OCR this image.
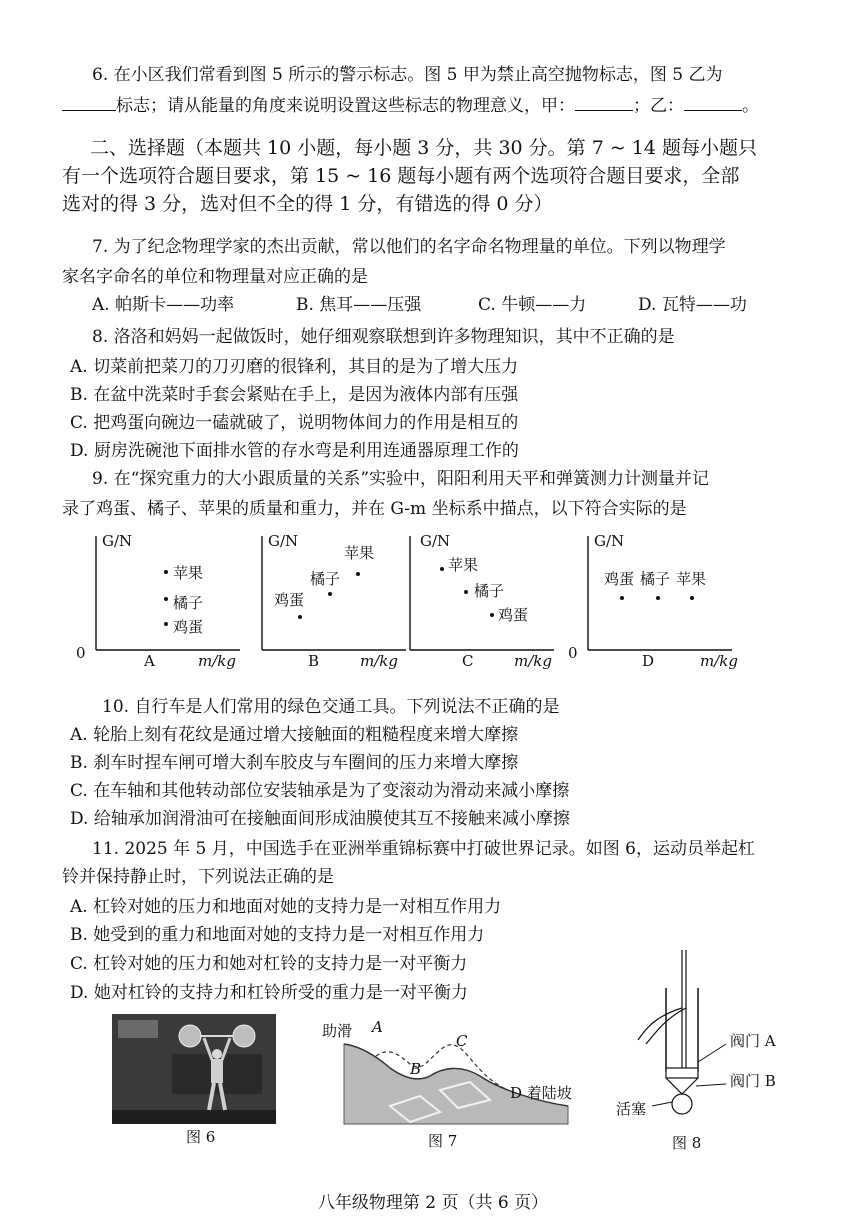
6. 在小区我们常看到图 5 所示的警示标志。图 5 甲为禁止高空抛物标志，图 5 乙为
标志；请从能量的角度来说明设置这些标志的物理意义，甲：	；乙：	。
二、选择题（本题共 10 小题，每小题 3 分，共 30 分。第 7 ~ 14 题每小题只
有一个选项符合题目要求，第 15 ~ 16 题每小题有两个选项符合题目要求，全部
选对的得 3 分，选对但不全的得 1 分，有错选的得 0 分）
7. 为了纪念物理学家的杰出贡献，常以他们的名字命名物理量的单位。下列以物理学
家名字命名的单位和物理量对应正确的是
A. 帕斯卡——功率	B. 焦耳——压强	C. 牛顿——力	D. 瓦特——功
8. 洛洛和妈妈一起做饭时，她仔细观察联想到许多物理知识，其中不正确的是
A. 切菜前把菜刀的刀刃磨的很锋利，其目的是为了增大压力
B. 在盆中洗菜时手套会紧贴在手上，是因为液体内部有压强
C. 把鸡蛋向碗边一磕就破了，说明物体间力的作用是相互的
D. 厨房洗碗池下面排水管的存水弯是利用连通器原理工作的
9. 在“探究重力的大小跟质量的关系”实验中，阳阳利用天平和弹簧测力计测量并记
录了鸡蛋、橘子、苹果的质量和重力，并在 G-m 坐标系中描点，以下符合实际的是
G/N
0	m/kg
A
苹果
橘子
鸡蛋
G/N
m/kg
B
苹果
橘子
鸡蛋
G/N
m/kg
C
苹果
橘子
鸡蛋
G/N
0	m/kg
D
鸡蛋 橘子 苹果
10. 自行车是人们常用的绿色交通工具。下列说法不正确的是
A. 轮胎上刻有花纹是通过增大接触面的粗糙程度来增大摩擦
B. 刹车时捏车闸可增大刹车胶皮与车圈间的压力来增大摩擦
C. 在车轴和其他转动部位安装轴承是为了变滚动为滑动来减小摩擦
D. 给轴承加润滑油可在接触面间形成油膜使其互不接触来减小摩擦
11. 2025 年 5 月，中国选手在亚洲举重锦标赛中打破世界记录。如图 6，运动员举起杠
铃并保持静止时，下列说法正确的是
A. 杠铃对她的压力和地面对她的支持力是一对相互作用力
B. 她受到的重力和地面对她的支持力是一对相互作用力
C. 杠铃对她的压力和她对杠铃的支持力是一对平衡力
D. 她对杠铃的支持力和杠铃所受的重力是一对平衡力
图 6
助滑 A
B
C
D 着陆坡
图 7
阀门 A
阀门 B
活塞
图 8
八年级物理第 2 页（共 6 页）
